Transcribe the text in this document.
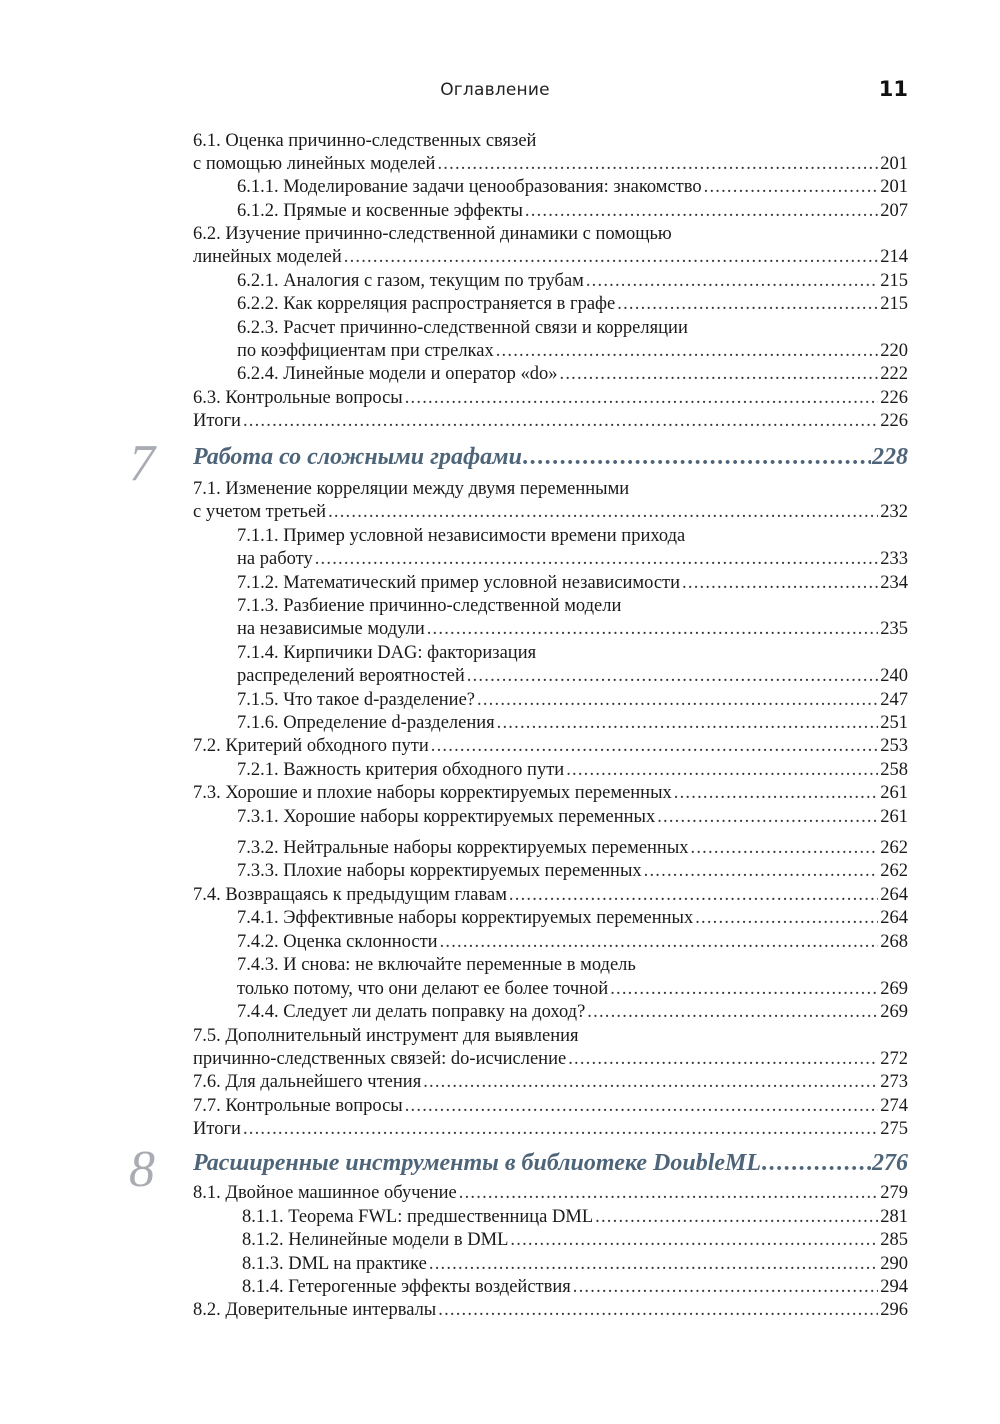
Оглавление	11
6.1. Оценка причинно-следственных связей
с помощью линейных моделей .....	201
6.1.1. Моделирование задачи ценообразования: знакомство .....	201
6.1.2. Прямые и косвенные эффекты .....	207
6.2. Изучение причинно-следственной динамики с помощью
линейных моделей .....	214
6.2.1. Аналогия с газом, текущим по трубам .....	215
6.2.2. Как корреляция распространяется в графе .....	215
6.2.3. Расчет причинно-следственной связи и корреляции
по коэффициентам при стрелках .....	220
6.2.4. Линейные модели и оператор «do» .....	222
6.3. Контрольные вопросы .....	226
Итоги .....	226
7 Работа со сложными графами .....	228
7.1. Изменение корреляции между двумя переменными
с учетом третьей .....	232
7.1.1. Пример условной независимости времени прихода
на работу .....	233
7.1.2. Математический пример условной независимости .....	234
7.1.3. Разбиение причинно-следственной модели
на независимые модули .....	235
7.1.4. Кирпичики DAG: факторизация
распределений вероятностей .....	240
7.1.5. Что такое d-разделение? .....	247
7.1.6. Определение d-разделения .....	251
7.2. Критерий обходного пути .....	253
7.2.1. Важность критерия обходного пути .....	258
7.3. Хорошие и плохие наборы корректируемых переменных .....	261
7.3.1. Хорошие наборы корректируемых переменных .....	261
7.3.2. Нейтральные наборы корректируемых переменных .....	262
7.3.3. Плохие наборы корректируемых переменных .....	262
7.4. Возвращаясь к предыдущим главам .....	264
7.4.1. Эффективные наборы корректируемых переменных .....	264
7.4.2. Оценка склонности .....	268
7.4.3. И снова: не включайте переменные в модель
только потому, что они делают ее более точной .....	269
7.4.4. Следует ли делать поправку на доход? .....	269
7.5. Дополнительный инструмент для выявления
причинно-следственных связей: do-исчисление .....	272
7.6. Для дальнейшего чтения .....	273
7.7. Контрольные вопросы .....	274
Итоги .....	275
8 Расширенные инструменты в библиотеке DoubleML .....	276
8.1. Двойное машинное обучение .....	279
8.1.1. Теорема FWL: предшественница DML .....	281
8.1.2. Нелинейные модели в DML .....	285
8.1.3. DML на практике .....	290
8.1.4. Гетерогенные эффекты воздействия .....	294
8.2. Доверительные интервалы .....	296
